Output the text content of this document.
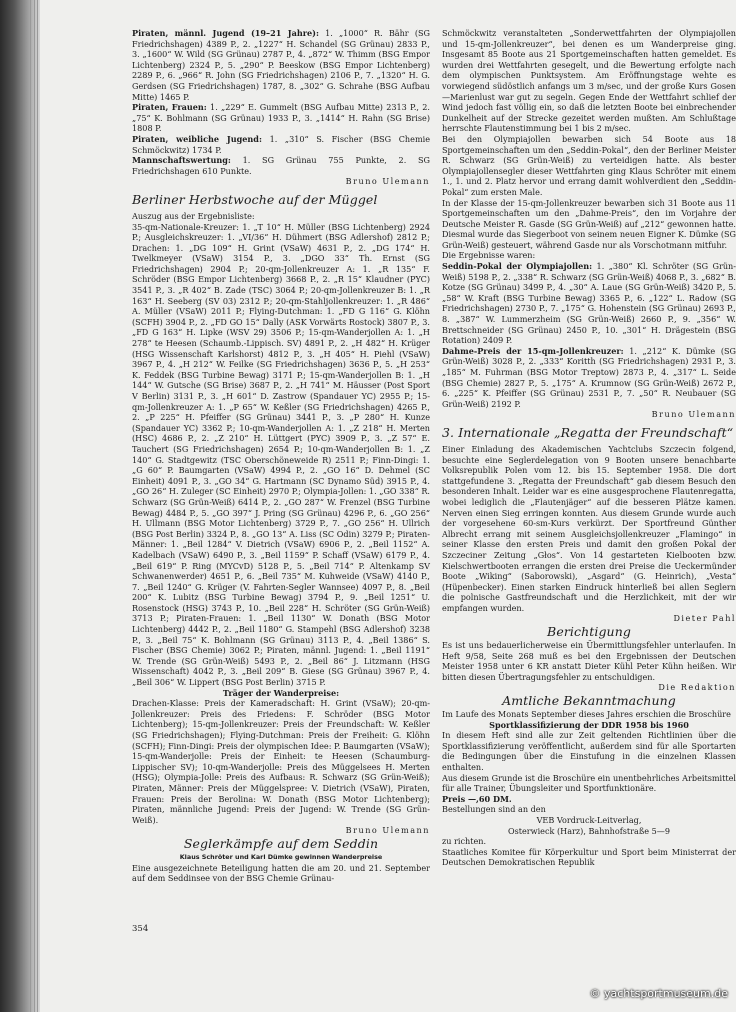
Piraten, männl. Jugend (19–21 Jahre): 1. „1000“ R. Bähr (SG Friedrichshagen) 4389 P., 2. „1227“ H. Schandel (SG Grünau) 2833 P., 3. „1600“ W. Wild (SG Grünau) 2787 P., 4. „872“ W. Thimm (BSG Empor Lichtenberg) 2324 P., 5. „290“ P. Beeskow (BSG Empor Lichtenberg) 2289 P., 6. „966“ R. John (SG Friedrichshagen) 2106 P., 7. „1320“ H. G. Gerdsen (SG Friedrichshagen) 1787, 8. „302“ G. Schrahe (BSG Aufbau Mitte) 1465 P.

Piraten, Frauen: 1. „229“ E. Gummelt (BSG Aufbau Mitte) 2313 P., 2. „75“ K. Bohlmann (SG Grünau) 1933 P., 3. „1414“ H. Rahn (SG Brise) 1808 P.

Piraten, weibliche Jugend: 1. „310“ S. Fischer (BSG Chemie Schmöckwitz) 1734 P.

Mannschaftswertung: 1. SG Grünau 755 Punkte, 2. SG Friedrichshagen 610 Punkte.

Bruno Ulemann

Berliner Herbstwoche auf der Müggel

Auszug aus der Ergebnisliste:

35-qm-Nationale-Kreuzer: 1. „T 10“ H. Müller (BSG Lichtenberg) 2924 P.; Ausgleichskreuzer: 1. „VI/36“ H. Dühmert (BSG Adlershof) 2812 P.; Drachen: 1. „DG 109“ H. Grint (VSaW) 4631 P., 2. „DG 174“ H. Twelkmeyer (VSaW) 3154 P., 3. „DGO 33“ Th. Ernst (SG Friedrichshagen) 2904 P.; 20-qm-Jollenkreuzer A: 1. „R 135“ F. Schröder (BSG Empor Lichtenberg) 3668 P., 2. „R 15“ Klaudner (PYC) 3541 P., 3. „R 402“ B. Zade (TSC) 3064 P.; 20-qm-Jollenkreuzer B: 1. „R 163“ H. Seeberg (SV 03) 2312 P.; 20-qm-Stahljollenkreuzer: 1. „R 486“ A. Müller (VSaW) 2011 P.; Flying-Dutchman: 1. „FD G 116“ G. Klöhn (SCFH) 3904 P., 2. „FD GO 15“ Dally (ASK Vorwärts Rostock) 3807 P., 3. „FD G 163“ H. Lipke (WSV 29) 3506 P.; 15-qm-Wanderjollen A: 1. „H 278“ te Heesen (Schaumb.-Lippisch. SV) 4891 P., 2. „H 482“ H. Krüger (HSG Wissenschaft Karlshorst) 4812 P., 3. „H 405“ H. Piehl (VSaW) 3967 P., 4. „H 212“ W. Feilke (SG Friedrichshagen) 3636 P., 5. „H 253“ K. Feddek (BSG Turbine Bewag) 3171 P.; 15-qm-Wanderjollen B: 1. „H 144“ W. Gutsche (SG Brise) 3687 P., 2. „H 741“ M. Häusser (Post Sport V Berlin) 3131 P., 3. „H 601“ D. Zastrow (Spandauer YC) 2955 P.; 15-qm-Jollenkreuzer A: 1. „P 65“ W. Keßler (SG Friedrichshagen) 4265 P., 2. „P 225“ H. Pfeiffer (SG Grünau) 3441 P., 3. „P 280“ H. Kunze (Spandauer YC) 3362 P.; 10-qm-Wanderjollen A: 1. „Z 218“ H. Merten (HSC) 4686 P., 2. „Z 210“ H. Lüttgert (PYC) 3909 P., 3. „Z 57“ E. Tauchert (SG Friedrichshagen) 2654 P.; 10-qm-Wanderjollen B: 1. „Z 140“ G. Stadtgewitz (TSC Oberschöneweide R) 2511 P.; Finn-Dingi: 1. „G 60“ P. Baumgarten (VSaW) 4994 P., 2. „GO 16“ D. Dehmel (SC Einheit) 4091 P., 3. „GO 34“ G. Hartmann (SC Dynamo Süd) 3915 P., 4. „GO 26“ H. Zuleger (SC Einheit) 2970 P.; Olympia-Jollen: 1. „GO 338“ R. Schwarz (SG Grün-Weiß) 6414 P., 2. „GO 287“ W. Frenzel (BSG Turbine Bewag) 4484 P., 5. „GO 397“ J. Pring (SG Grünau) 4296 P., 6. „GO 256“ H. Ullmann (BSG Motor Lichtenberg) 3729 P., 7. „GO 256“ H. Ullrich (BSG Post Berlin) 3324 P., 8. „GO 13“ A. Liss (SC Odin) 3279 P.; Piraten-Männer: 1. „Beil 1284“ V. Dietrich (VSaW) 6906 P., 2. „Beil 1152“ A. Kadelbach (VSaW) 6490 P., 3. „Beil 1159“ P. Schaff (VSaW) 6179 P., 4. „Beil 619“ P. Ring (MYCvD) 5128 P., 5. „Beil 714“ P. Altenkamp SV Schwanenwerder) 4651 P., 6. „Beil 735“ M. Kuhweide (VSaW) 4140 P., 7. „Beil 1240“ G. Krüger (V. Fahrten-Segler Wannsee) 4097 P., 8. „Beil 200“ K. Lubitz (BSG Turbine Bewag) 3794 P., 9. „Beil 1251“ U. Rosenstock (HSG) 3743 P., 10. „Beil 228“ H. Schröter (SG Grün-Weiß) 3713 P.; Piraten-Frauen: 1. „Beil 1130“ W. Donath (BSG Motor Lichtenberg) 4442 P., 2. „Beil 1180“ G. Stampehl (BSG Adlershof) 3238 P., 3. „Beil 75“ K. Bohlmann (SG Grünau) 3113 P., 4. „Beil 1386“ S. Fischer (BSG Chemie) 3062 P.; Piraten, männl. Jugend: 1. „Beil 1191“ W. Trende (SG Grün-Weiß) 5493 P., 2. „Beil 86“ J. Litzmann (HSG Wissenschaft) 4042 P., 3. „Beil 209“ B. Giese (SG Grünau) 3967 P., 4. „Beil 306“ W. Lippert (BSG Post Berlin) 3715 P.

Träger der Wanderpreise:

Drachen-Klasse: Preis der Kameradschaft: H. Grint (VSaW); 20-qm-Jollenkreuzer: Preis des Friedens: F. Schröder (BSG Motor Lichtenberg); 15-qm-Jollenkreuzer: Preis der Freundschaft: W. Keßler (SG Friedrichshagen); Flying-Dutchman: Preis der Freiheit: G. Klöhn (SCFH); Finn-Dingi: Preis der olympischen Idee: P. Baumgarten (VSaW); 15-qm-Wanderjolle: Preis der Einheit: te Heesen (Schaumburg-Lippischer SV); 10-qm-Wanderjolle: Preis des Müggelsees H. Merten (HSG); Olympia-Jolle: Preis des Aufbaus: R. Schwarz (SG Grün-Weiß); Piraten, Männer: Preis der Müggelspree: V. Dietrich (VSaW), Piraten, Frauen: Preis der Berolina: W. Donath (BSG Motor Lichtenberg); Piraten, männliche Jugend: Preis der Jugend: W. Trende (SG Grün-Weiß).

Bruno Ulemann

Seglerkämpfe auf dem Seddin

Klaus Schröter und Karl Dümke gewinnen Wanderpreise

Eine ausgezeichnete Beteiligung hatten die am 20. und 21. September auf dem Seddinsee von der BSG Chemie Grünau-

Schmöckwitz veranstalteten „Sonderwettfahrten der Olympiajollen und 15-qm-Jollenkreuzer“, bei denen es um Wanderpreise ging. Insgesamt 85 Boote aus 21 Sportgemeinschaften hatten gemeldet. Es wurden drei Wettfahrten gesegelt, und die Bewertung erfolgte nach dem olympischen Punktsystem. Am Eröffnungstage wehte es vorwiegend südöstlich anfangs um 3 m/sec, und der große Kurs Gosen—Marienlust war gut zu segeln. Gegen Ende der Wettfahrt schlief der Wind jedoch fast völlig ein, so daß die letzten Boote bei einbrechender Dunkelheit auf der Strecke gezeitet werden mußten. Am Schlußtage herrschte Flautenstimmung bei 1 bis 2 m/sec.

Bei den Olympiajollen bewarben sich 54 Boote aus 18 Sportgemeinschaften um den „Seddin-Pokal“, den der Berliner Meister R. Schwarz (SG Grün-Weiß) zu verteidigen hatte. Als bester Olympiajollensegler dieser Wettfahrten ging Klaus Schröter mit einem 1., 1. und 2. Platz hervor und errang damit wohlverdient den „Seddin-Pokal“ zum ersten Male.

In der Klasse der 15-qm-Jollenkreuzer bewarben sich 31 Boote aus 11 Sportgemeinschaften um den „Dahme-Preis“, den im Vorjahre der Deutsche Meister R. Gasde (SG Grün-Weiß) auf „212“ gewonnen hatte. Diesmal wurde das Siegerboot von seinem neuen Eigner K. Dümke (SG Grün-Weiß) gesteuert, während Gasde nur als Vorschotmann mitfuhr.

Die Ergebnisse waren:

Seddin-Pokal der Olympiajollen: 1. „380“ Kl. Schröter (SG Grün-Weiß) 5198 P., 2. „338“ R. Schwarz (SG Grün-Weiß) 4068 P., 3. „682“ B. Kotze (SG Grünau) 3499 P., 4. „30“ A. Laue (SG Grün-Weiß) 3420 P., 5. „58“ W. Kraft (BSG Turbine Bewag) 3365 P., 6. „122“ L. Radow (SG Friedrichshagen) 2730 P., 7. „175“ G. Hohenstein (SG Grünau) 2693 P., 8. „387“ W. Lummerzheim (SG Grün-Weiß) 2660 P., 9. „356“ W. Brettschneider (SG Grünau) 2450 P., 10. „301“ H. Drägestein (BSG Rotation) 2409 P.

Dahme-Preis der 15-qm-Jollenkreuzer: 1. „212“ K. Dümke (SG Grün-Weiß) 3028 P., 2. „333“ Koritth (SG Friedrichshagen) 2931 P., 3. „185“ M. Fuhrman (BSG Motor Treptow) 2873 P., 4. „317“ L. Seide (BSG Chemie) 2827 P., 5. „175“ A. Krumnow (SG Grün-Weiß) 2672 P., 6. „225“ K. Pfeiffer (SG Grünau) 2531 P., 7. „50“ R. Neubauer (SG Grün-Weiß) 2192 P.

Bruno Ulemann

3. Internationale „Regatta der Freundschaft“

Einer Einladung des Akademischen Yachtclubs Szczecin folgend, besuchte eine Seglerdelegation von 9 Booten unsere benachbarte Volksrepublik Polen vom 12. bis 15. September 1958. Die dort stattgefundene 3. „Regatta der Freundschaft“ gab diesem Besuch den besonderen Inhalt. Leider war es eine ausgesprochene Flautenregatta, wobei lediglich die „Flautenjäger“ auf die besseren Plätze kamen. Nerven einen Sieg erringen konnten. Aus diesem Grunde wurde auch der vorgesehene 60-sm-Kurs verkürzt. Der Sportfreund Günther Albrecht errang mit seinem Ausgleichsjollenkreuzer „Flamingo“ in seiner Klasse den ersten Preis und damit den großen Pokal der Szczeciner Zeitung „Głos“. Von 14 gestarteten Kielbooten bzw. Kielschwertbooten errangen die ersten drei Preise die Ueckermünder Boote „Wiking“ (Saborowski), „Asgard“ (G. Heinrich), „Vesta“ (Hüpenbecker). Einen starken Eindruck hinterließ bei allen Seglern die polnische Gastfreundschaft und die Herzlichkeit, mit der wir empfangen wurden.

Dieter Pahl

Berichtigung

Es ist uns bedauerlicherweise ein Übermittlungsfehler unterlaufen. In Heft 9/58, Seite 268 muß es bei den Ergebnissen der Deutschen Meister 1958 unter 6 KR anstatt Dieter Kühl Peter Kühn heißen. Wir bitten diesen Übertragungsfehler zu entschuldigen.

Die Redaktion

Amtliche Bekanntmachung

Im Laufe des Monats September dieses Jahres erschien die Broschüre

Sportklassifizierung der DDR 1958 bis 1960

In diesem Heft sind alle zur Zeit geltenden Richtlinien über die Sportklassifizierung veröffentlicht, außerdem sind für alle Sportarten die Bedingungen über die Einstufung in die einzelnen Klassen enthalten.

Aus diesem Grunde ist die Broschüre ein unentbehrliches Arbeitsmittel für alle Trainer, Übungsleiter und Sportfunktionäre.

Preis —,60 DM.

Bestellungen sind an den

VEB Vordruck-Leitverlag,

Osterwieck (Harz), Bahnhofstraße 5—9

zu richten.

Staatliches Komitee für Körperkultur und Sport beim Ministerrat der Deutschen Demokratischen Republik

354
© yachtsportmuseum.de
